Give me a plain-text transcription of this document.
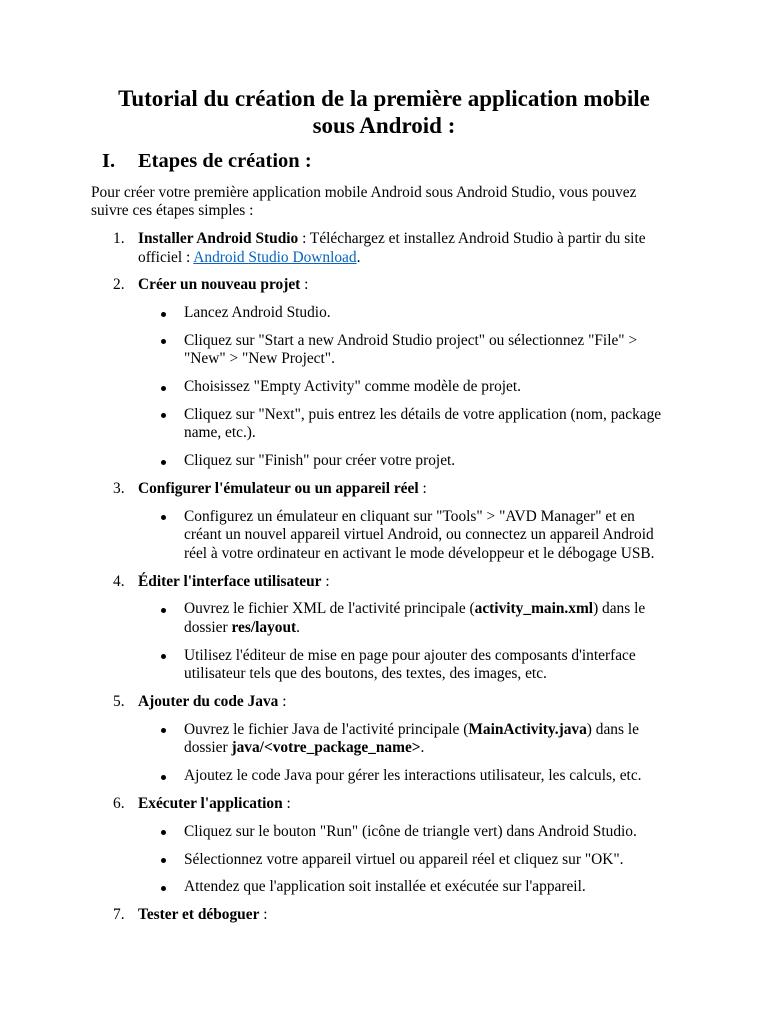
Tutorial du création de la première application mobile sous Android :
I. Etapes de création :

Pour créer votre première application mobile Android sous Android Studio, vous pouvez suivre ces étapes simples :

1. Installer Android Studio : Téléchargez et installez Android Studio à partir du site officiel : Android Studio Download.
2. Créer un nouveau projet :
Lancez Android Studio.
Cliquez sur "Start a new Android Studio project" ou sélectionnez "File" > "New" > "New Project".
Choisissez "Empty Activity" comme modèle de projet.
Cliquez sur "Next", puis entrez les détails de votre application (nom, package name, etc.).
Cliquez sur "Finish" pour créer votre projet.
3. Configurer l'émulateur ou un appareil réel :
Configurez un émulateur en cliquant sur "Tools" > "AVD Manager" et en créant un nouvel appareil virtuel Android, ou connectez un appareil Android réel à votre ordinateur en activant le mode développeur et le débogage USB.
4. Éditer l'interface utilisateur :
Ouvrez le fichier XML de l'activité principale (activity_main.xml) dans le dossier res/layout.
Utilisez l'éditeur de mise en page pour ajouter des composants d'interface utilisateur tels que des boutons, des textes, des images, etc.
5. Ajouter du code Java :
Ouvrez le fichier Java de l'activité principale (MainActivity.java) dans le dossier java/<votre_package_name>.
Ajoutez le code Java pour gérer les interactions utilisateur, les calculs, etc.
6. Exécuter l'application :
Cliquez sur le bouton "Run" (icône de triangle vert) dans Android Studio.
Sélectionnez votre appareil virtuel ou appareil réel et cliquez sur "OK".
Attendez que l'application soit installée et exécutée sur l'appareil.
7. Tester et déboguer :
